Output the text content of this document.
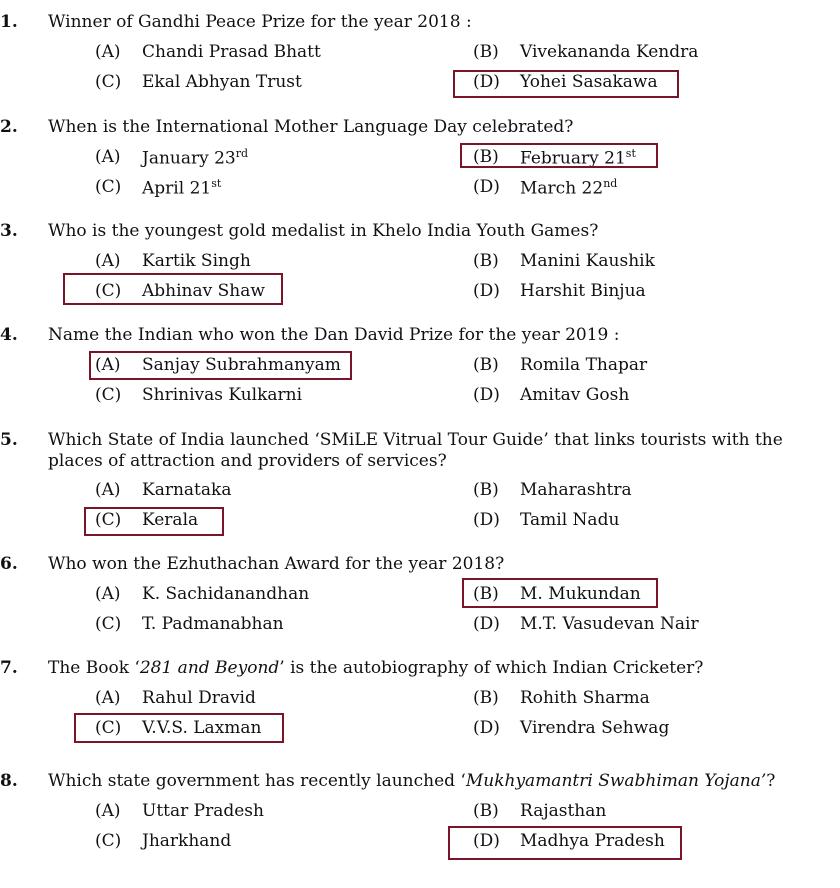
1. Winner of Gandhi Peace Prize for the year 2018 :
(A) Chandi Prasad Bhatt	(B) Vivekananda Kendra
(C) Ekal Abhyan Trust	(D) Yohei Sasakawa
2. When is the International Mother Language Day celebrated?
(A) January 23rd	(B) February 21st
(C) April 21st	(D) March 22nd
3. Who is the youngest gold medalist in Khelo India Youth Games?
(A) Kartik Singh	(B) Manini Kaushik
(C) Abhinav Shaw	(D) Harshit Binjua
4. Name the Indian who won the Dan David Prize for the year 2019 :
(A) Sanjay Subrahmanyam	(B) Romila Thapar
(C) Shrinivas Kulkarni	(D) Amitav Gosh
5. Which State of India launched ‘SMiLE Vitrual Tour Guide’ that links tourists with the places of attraction and providers of services?
(A) Karnataka	(B) Maharashtra
(C) Kerala	(D) Tamil Nadu
6. Who won the Ezhuthachan Award for the year 2018?
(A) K. Sachidanandhan	(B) M. Mukundan
(C) T. Padmanabhan	(D) M.T. Vasudevan Nair
7. The Book ‘281 and Beyond’ is the autobiography of which Indian Cricketer?
(A) Rahul Dravid	(B) Rohith Sharma
(C) V.V.S. Laxman	(D) Virendra Sehwag
8. Which state government has recently launched ‘Mukhyamantri Swabhiman Yojana’?
(A) Uttar Pradesh	(B) Rajasthan
(C) Jharkhand	(D) Madhya Pradesh
